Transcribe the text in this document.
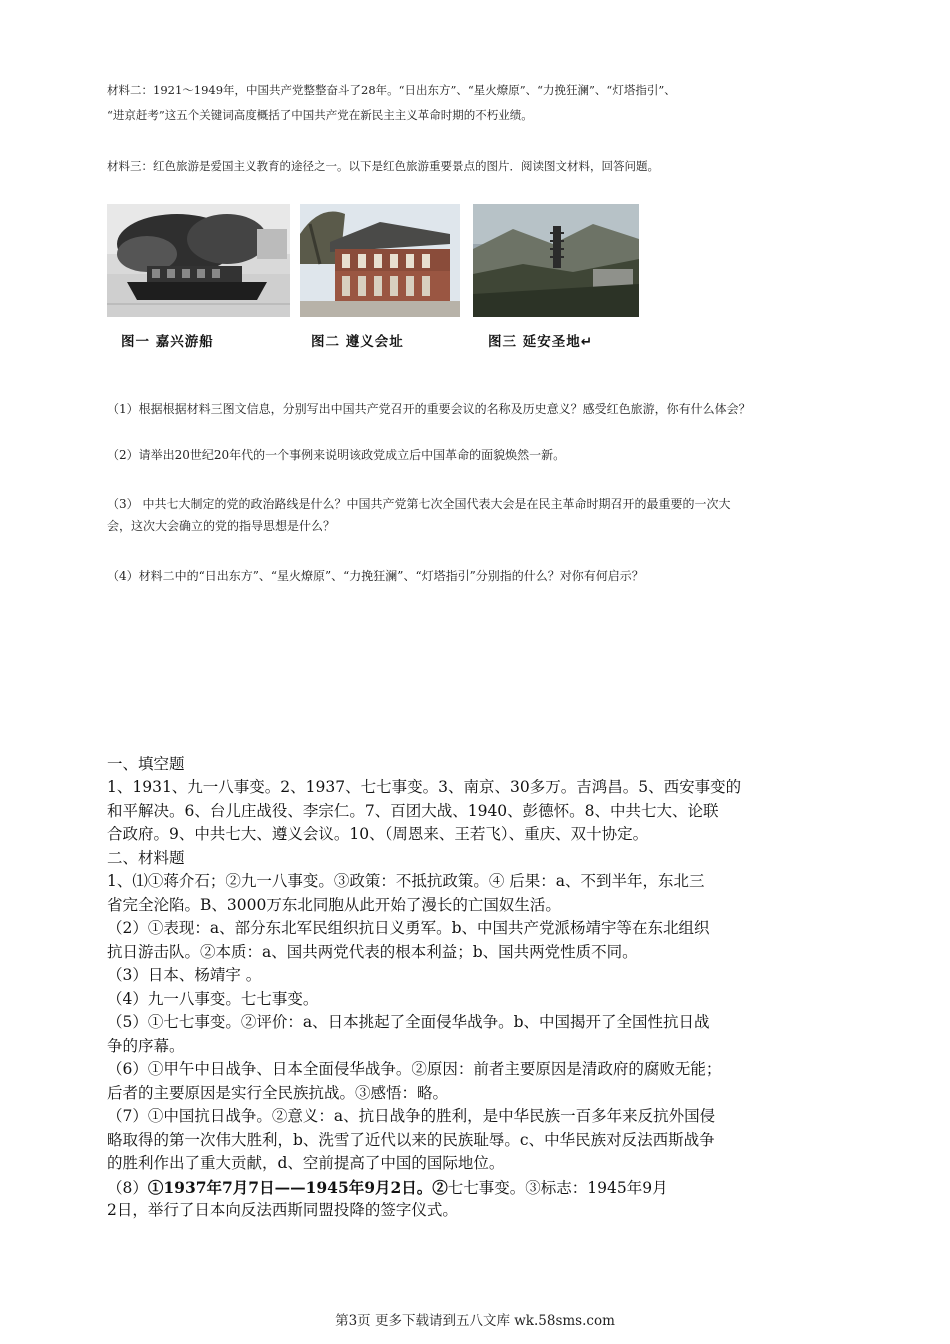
材料二：1921～1949年，中国共产党整整奋斗了28年。“日出东方”、“星火燎原”、“力挽狂澜”、“灯塔指引”、
“进京赶考”这五个关键词高度概括了中国共产党在新民主主义革命时期的不朽业绩。
材料三：红色旅游是爱国主义教育的途径之一。以下是红色旅游重要景点的图片．阅读图文材料，回答问题。
图一 嘉兴游船	图二 遵义会址	图三 延安圣地↵
（1）根据根据材料三图文信息，分别写出中国共产党召开的重要会议的名称及历史意义？感受红色旅游，你有什么体会？
（2）请举出20世纪20年代的一个事例来说明该政党成立后中国革命的面貌焕然一新。
（3） 中共七大制定的党的政治路线是什么？中国共产党第七次全国代表大会是在民主革命时期召开的最重要的一次大
会，这次大会确立的党的指导思想是什么？
（4）材料二中的“日出东方”、“星火燎原”、“力挽狂澜”、“灯塔指引”分别指的什么？对你有何启示？
一、填空题
1、1931、九一八事变。2、1937、七七事变。3、南京、30多万。吉鸿昌。5、西安事变的
和平解决。6、台儿庄战役、李宗仁。7、百团大战、1940、彭德怀。8、中共七大、论联
合政府。9、中共七大、遵义会议。10、（周恩来、王若飞）、重庆、双十协定。
二、材料题
1、⑴①蒋介石；②九一八事变。③政策：不抵抗政策。④ 后果：a、不到半年，东北三
省完全沦陷。B、3000万东北同胞从此开始了漫长的亡国奴生活。
（2）①表现：a、部分东北军民组织抗日义勇军。b、中国共产党派杨靖宇等在东北组织
抗日游击队。②本质：a、国共两党代表的根本利益；b、国共两党性质不同。
（3）日本、杨靖宇 。
（4）九一八事变。七七事变。
（5）①七七事变。②评价：a、日本挑起了全面侵华战争。b、中国揭开了全国性抗日战
争的序幕。
（6）①甲午中日战争、日本全面侵华战争。②原因：前者主要原因是清政府的腐败无能；
后者的主要原因是实行全民族抗战。③感悟：略。
（7）①中国抗日战争。②意义：a、抗日战争的胜利，是中华民族一百多年来反抗外国侵
略取得的第一次伟大胜利，b、洗雪了近代以来的民族耻辱。c、中华民族对反法西斯战争
的胜利作出了重大贡献，d、空前提高了中国的国际地位。
（8）①1937年7月7日——1945年9月2日。②七七事变。③标志：1945年9月
2日，举行了日本向反法西斯同盟投降的签字仪式。
第3页 更多下载请到五八文库 wk.58sms.com
